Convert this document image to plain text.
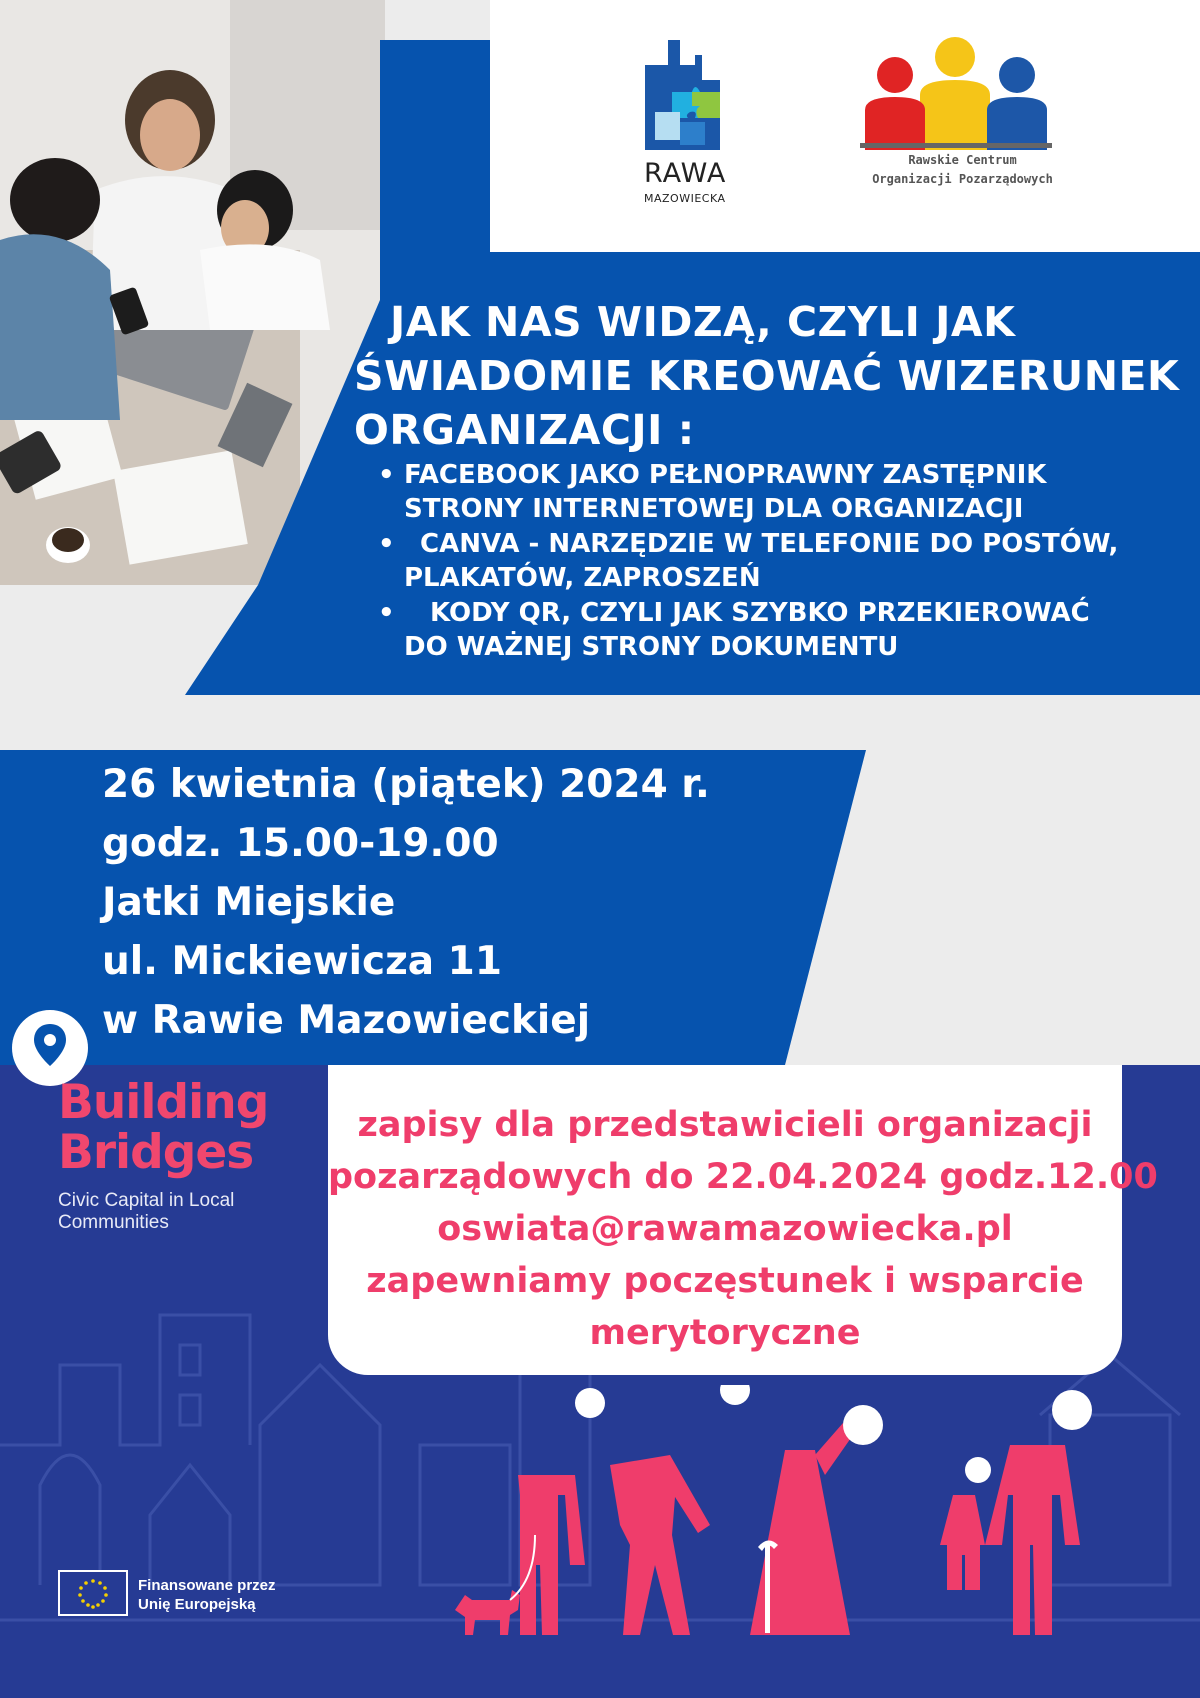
RAWA
MAZOWIECKA
Rawskie Centrum
Organizacji Pozarządowych
JAK NAS WIDZĄ, CZYLI JAK
ŚWIADOMIE KREOWAĆ WIZERUNEK
ORGANIZACJI :
• FACEBOOK JAKO PEŁNOPRAWNY ZASTĘPNIK
STRONY INTERNETOWEJ DLA ORGANIZACJI
• CANVA - NARZĘDZIE W TELEFONIE DO POSTÓW,
PLAKATÓW, ZAPROSZEŃ
• KODY QR, CZYLI JAK SZYBKO PRZEKIEROWAĆ
DO WAŻNEJ STRONY DOKUMENTU
26 kwietnia (piątek) 2024 r.
godz. 15.00-19.00
Jatki Miejskie
ul. Mickiewicza 11
w Rawie Mazowieckiej
Building
Bridges
Civic Capital in Local
Communities
zapisy dla przedstawicieli organizacji
pozarządowych do 22.04.2024 godz.12.00
oswiata@rawamazowiecka.pl
zapewniamy poczęstunek i wsparcie
merytoryczne
Finansowane przez
Unię Europejską
